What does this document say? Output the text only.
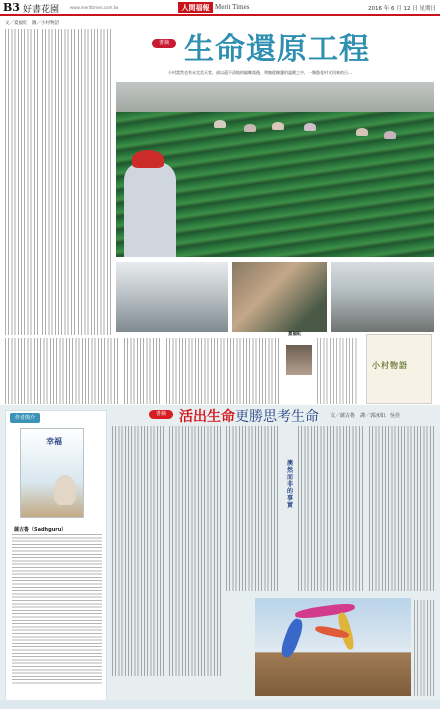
B3 好書花園	www.merittimes.com.tw	人間福報 Merit Times	2016 年 6 月 12 日 星期日
文／夏福紅　圖／小村物語
書摘 生命還原工程
小村當然也有未完美天堂，部以還不清地的偏鄉落後，和無從擁護的溫暖之中，一類漁花村又回來的日…
夏福紅
小村物語
作者簡介
幸福
薩古魯（Sadhguru）
書摘 活出生命更勝思考生命 文／薩古魯　譯／郭冰如．吳佳
澳然而非的事實
